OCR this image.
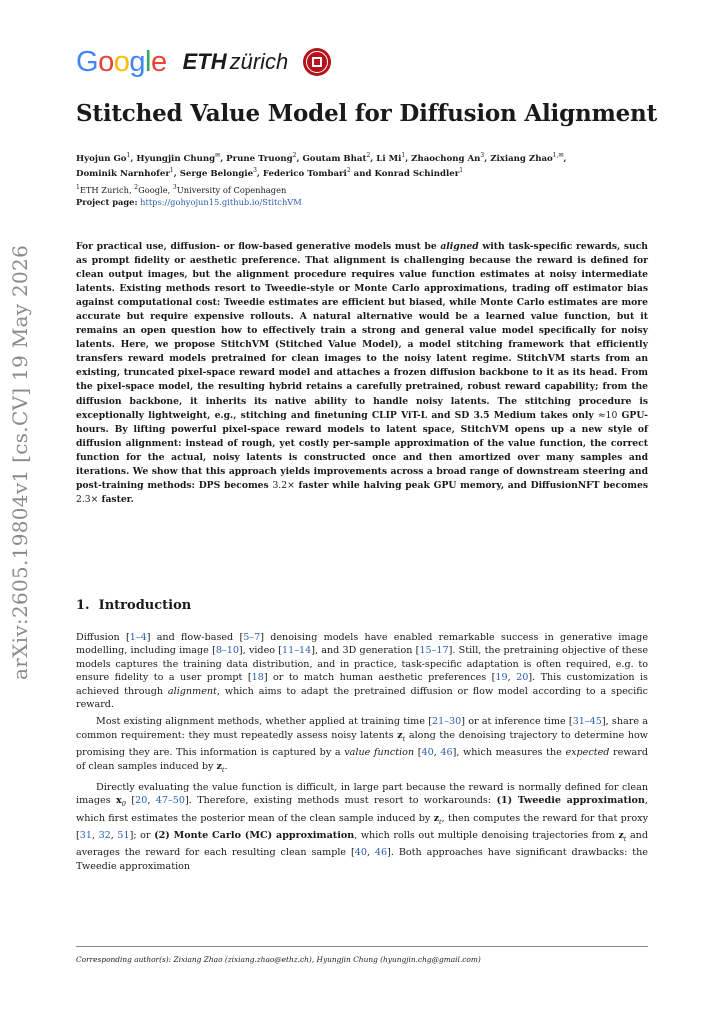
Google ETH zürich
arXiv:2605.19804v1 [cs.CV] 19 May 2026
Stitched Value Model for Diffusion Alignment
Hyojun Go$^1$, Hyungjin Chung✉, Prune Truong$^2$, Goutam Bhat$^2$, Li Mi$^1$, Zhaochong An$^3$, Zixiang Zhao$^{1,✉}$,
Dominik Narnhofer$^1$, Serge Belongie$^3$, Federico Tombari$^2$ and Konrad Schindler$^1$
$^1$ETH Zurich, $^2$Google, $^3$University of Copenhagen
Project page: https://gohyojun15.github.io/StitchVM
For practical use, diffusion- or flow-based generative models must be aligned with task-specific rewards, such as prompt fidelity or aesthetic preference. That alignment is challenging because the reward is defined for clean output images, but the alignment procedure requires value function estimates at noisy intermediate latents. Existing methods resort to Tweedie-style or Monte Carlo approximations, trading off estimator bias against computational cost: Tweedie estimates are efficient but biased, while Monte Carlo estimates are more accurate but require expensive rollouts. A natural alternative would be a learned value function, but it remains an open question how to effectively train a strong and general value model specifically for noisy latents. Here, we propose StitchVM (Stitched Value Model), a model stitching framework that efficiently transfers reward models pretrained for clean images to the noisy latent regime. StitchVM starts from an existing, truncated pixel-space reward model and attaches a frozen diffusion backbone to it as its head. From the pixel-space model, the resulting hybrid retains a carefully pretrained, robust reward capability; from the diffusion backbone, it inherits its native ability to handle noisy latents. The stitching procedure is exceptionally lightweight, e.g., stitching and finetuning CLIP ViT-L and SD 3.5 Medium takes only ≈10 GPU-hours. By lifting powerful pixel-space reward models to latent space, StitchVM opens up a new style of diffusion alignment: instead of rough, yet costly per-sample approximation of the value function, the correct function for the actual, noisy latents is constructed once and then amortized over many samples and iterations. We show that this approach yields improvements across a broad range of downstream steering and post-training methods: DPS becomes 3.2× faster while halving peak GPU memory, and DiffusionNFT becomes 2.3× faster.
1. Introduction

Diffusion [1–4] and flow-based [5–7] denoising models have enabled remarkable success in generative image modelling, including image [8–10], video [11–14], and 3D generation [15–17]. Still, the pretraining objective of these models captures the training data distribution, and in practice, task-specific adaptation is often required, e.g. to ensure fidelity to a user prompt [18] or to match human aesthetic preferences [19, 20]. This customization is achieved through alignment, which aims to adapt the pretrained diffusion or flow model according to a specific reward.

Most existing alignment methods, whether applied at training time [21–30] or at inference time [31–45], share a common requirement: they must repeatedly assess noisy latents $z_t$ along the denoising trajectory to determine how promising they are. This information is captured by a value function [40, 46], which measures the expected reward of clean samples induced by $z_t$.

Directly evaluating the value function is difficult, in large part because the reward is normally defined for clean images $x_0$ [20, 47–50]. Therefore, existing methods must resort to workarounds: (1) Tweedie approximation, which first estimates the posterior mean of the clean sample induced by $z_t$, then computes the reward for that proxy [31, 32, 51]; or (2) Monte Carlo (MC) approximation, which rolls out multiple denoising trajectories from $z_t$ and averages the reward for each resulting clean sample [40, 46]. Both approaches have significant drawbacks: the Tweedie approximation

Corresponding author(s): Zixiang Zhao (zixiang.zhao@ethz.ch), Hyungjin Chung (hyungjin.chg@gmail.com)
